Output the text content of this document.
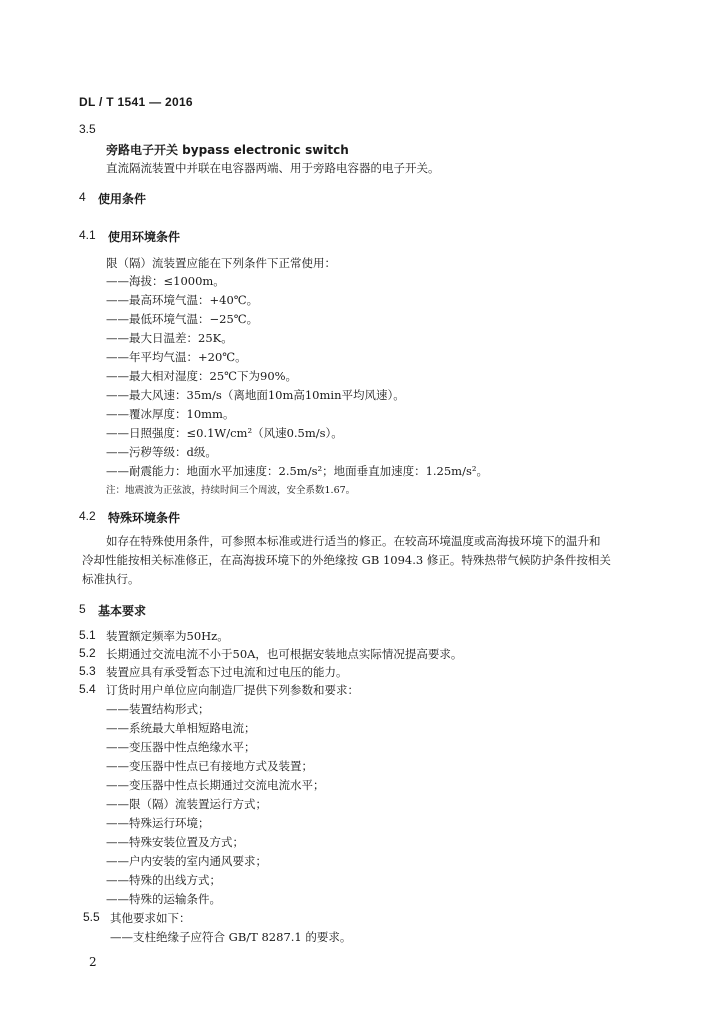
DL / T 1541 — 2016
3.5
旁路电子开关 bypass electronic switch
直流隔流装置中并联在电容器两端、用于旁路电容器的电子开关。
4 使用条件
4.1 使用环境条件
限（隔）流装置应能在下列条件下正常使用：
——海拔：≤1000m。
——最高环境气温：+40℃。
——最低环境气温：−25℃。
——最大日温差：25K。
——年平均气温：+20℃。
——最大相对湿度：25℃下为90%。
——最大风速：35m/s（离地面10m高10min平均风速）。
——覆冰厚度：10mm。
——日照强度：≤0.1W/cm²（风速0.5m/s）。
——污秽等级：d级。
——耐震能力：地面水平加速度：2.5m/s²；地面垂直加速度：1.25m/s²。
注：地震波为正弦波，持续时间三个周波，安全系数1.67。
4.2 特殊环境条件
如存在特殊使用条件，可参照本标准或进行适当的修正。在较高环境温度或高海拔环境下的温升和
冷却性能按相关标准修正，在高海拔环境下的外绝缘按 GB 1094.3 修正。特殊热带气候防护条件按相关
标准执行。
5 基本要求
5.1 装置额定频率为50Hz。
5.2 长期通过交流电流不小于50A，也可根据安装地点实际情况提高要求。
5.3 装置应具有承受暂态下过电流和过电压的能力。
5.4 订货时用户单位应向制造厂提供下列参数和要求：
——装置结构形式；
——系统最大单相短路电流；
——变压器中性点绝缘水平；
——变压器中性点已有接地方式及装置；
——变压器中性点长期通过交流电流水平；
——限（隔）流装置运行方式；
——特殊运行环境；
——特殊安装位置及方式；
——户内安装的室内通风要求；
——特殊的出线方式；
——特殊的运输条件。
5.5 其他要求如下：
——支柱绝缘子应符合 GB/T 8287.1 的要求。
2
